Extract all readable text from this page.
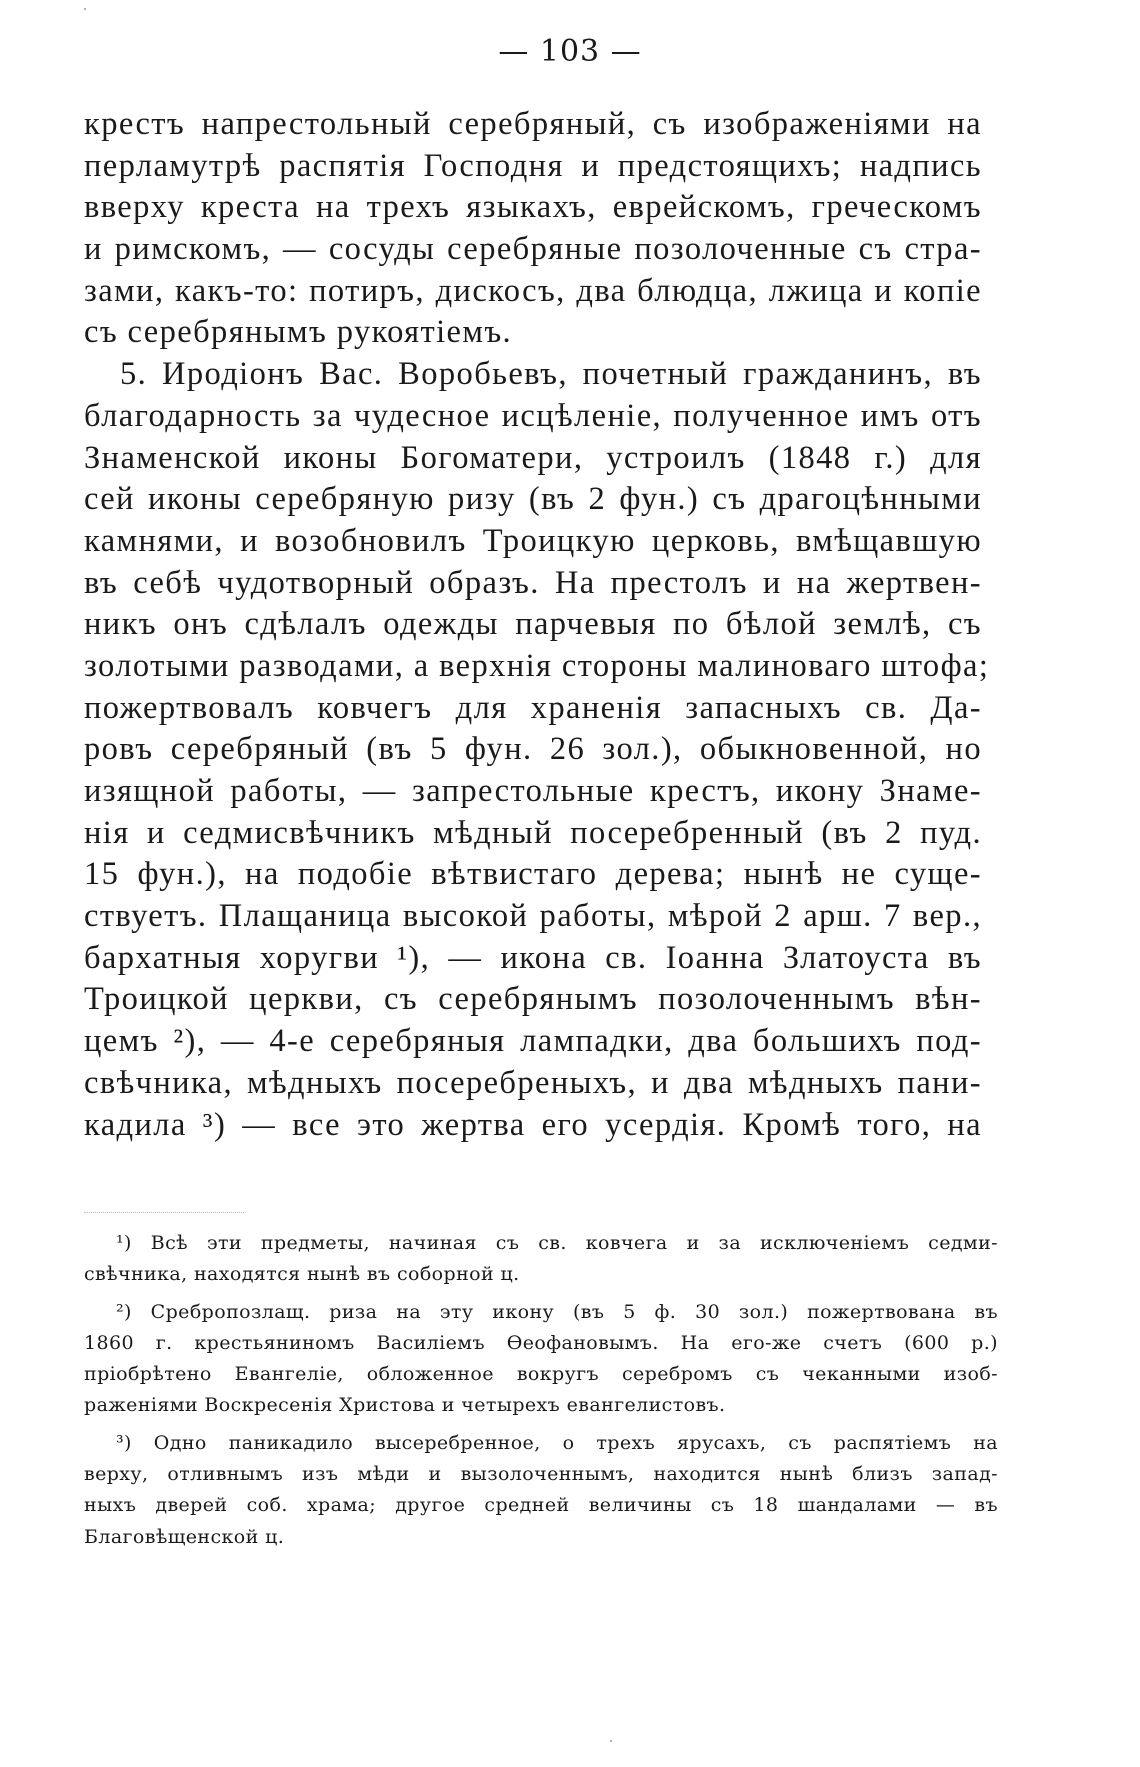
— 103 —
крестъ напрестольный серебряный, съ изображеніями на
перламутрѣ распятія Господня и предстоящихъ; надпись
вверху креста на трехъ языкахъ, еврейскомъ, греческомъ
и римскомъ, — сосуды серебряные позолоченные съ стра-
зами, какъ-то: потиръ, дискосъ, два блюдца, лжица и копіе
съ серебрянымъ рукоятіемъ.
5. Иродіонъ Вас. Воробьевъ, почетный гражданинъ, въ
благодарность за чудесное исцѣленіе, полученное имъ отъ
Знаменской иконы Богоматери, устроилъ (1848 г.) для
сей иконы серебряную ризу (въ 2 фун.) съ драгоцѣнными
камнями, и возобновилъ Троицкую церковь, вмѣщавшую
въ себѣ чудотворный образъ. На престолъ и на жертвен-
никъ онъ сдѣлалъ одежды парчевыя по бѣлой землѣ, съ
золотыми разводами, а верхнія стороны малиноваго штофа;
пожертвовалъ ковчегъ для храненія запасныхъ св. Да-
ровъ серебряный (въ 5 фун. 26 зол.), обыкновенной, но
изящной работы, — запрестольные крестъ, икону Знаме-
нія и седмисвѣчникъ мѣдный посеребренный (въ 2 пуд.
15 фун.), на подобіе вѣтвистаго дерева; нынѣ не суще-
ствуетъ. Плащаница высокой работы, мѣрой 2 арш. 7 вер.,
бархатныя хоругви ¹), — икона св. Іоанна Златоуста въ
Троицкой церкви, съ серебрянымъ позолоченнымъ вѣн-
цемъ ²), — 4-е серебряныя лампадки, два большихъ под-
свѣчника, мѣдныхъ посеребреныхъ, и два мѣдныхъ пани-
кадила ³) — все это жертва его усердія. Кромѣ того, на
¹) Всѣ эти предметы, начиная съ св. ковчега и за исключеніемъ седми-
свѣчника, находятся нынѣ въ соборной ц.
²) Сребропозлащ. риза на эту икону (въ 5 ф. 30 зол.) пожертвована въ
1860 г. крестьяниномъ Василіемъ Өеофановымъ. На его-же счетъ (600 р.)
пріобрѣтено Евангеліе, обложенное вокругъ серебромъ съ чеканными изоб-
раженіями Воскресенія Христова и четырехъ евангелистовъ.
³) Одно паникадило высеребренное, о трехъ ярусахъ, съ распятіемъ на
верху, отливнымъ изъ мѣди и вызолоченнымъ, находится нынѣ близъ запад-
ныхъ дверей соб. храма; другое средней величины съ 18 шандалами — въ
Благовѣщенской ц.
